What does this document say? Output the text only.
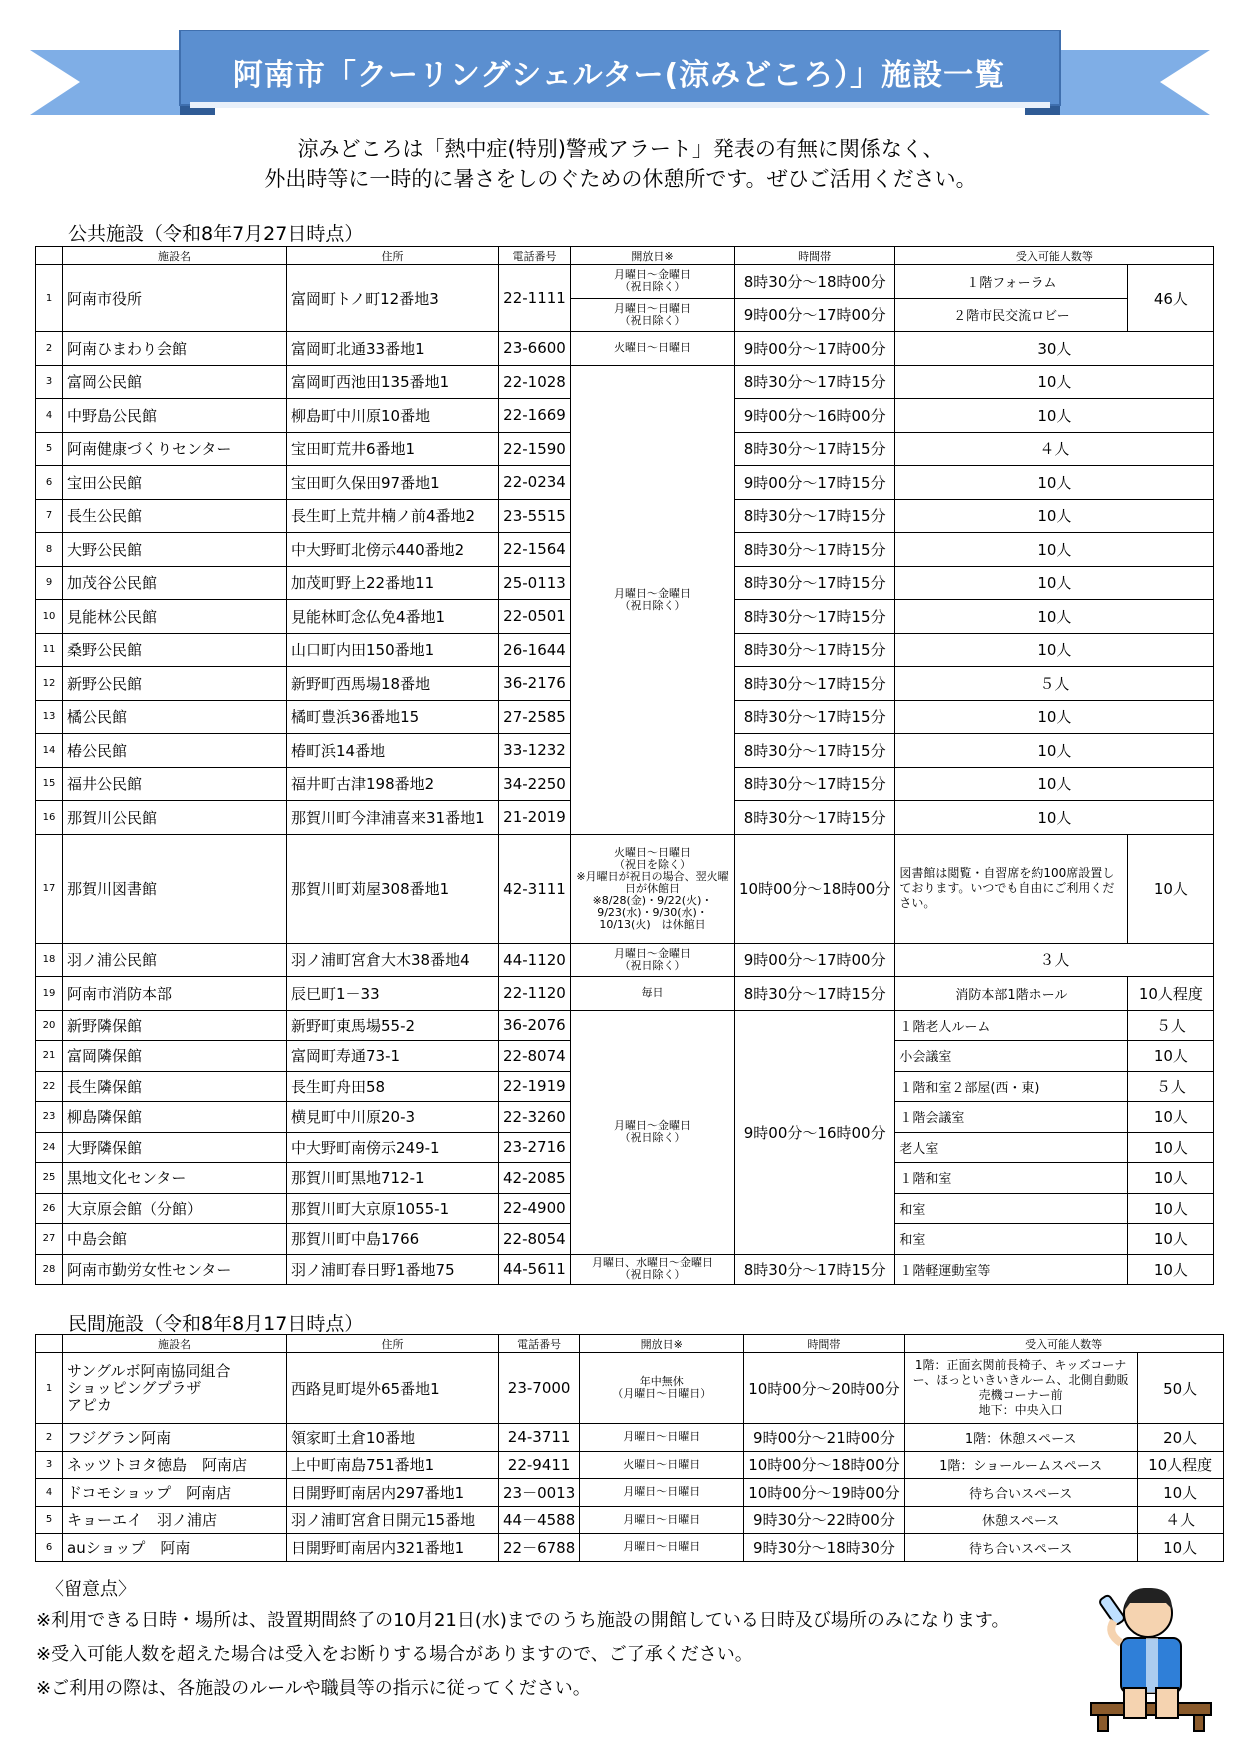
阿南市「クーリングシェルター(涼みどころ）」施設一覧
涼みどころは「熱中症(特別)警戒アラート」発表の有無に関係なく、
外出時等に一時的に暑さをしのぐための休憩所です。ぜひご活用ください。
公共施設（令和8年7月27日時点）
	施設名	住所	電話番号	開放日※	時間帯	受入可能人数等	
1	阿南市役所	富岡町トノ町12番地3	22-1111	月曜日～金曜日
（祝日除く）	8時30分～18時00分	１階フォーラム	46人
				月曜日～日曜日
（祝日除く）	9時00分～17時00分	２階市民交流ロビー	
2	阿南ひまわり会館	富岡町北通33番地1	23-6600	火曜日～日曜日	9時00分～17時00分	30人	
3	富岡公民館	富岡町西池田135番地1	22-1028	月曜日～金曜日
（祝日除く）	8時30分～17時15分	10人	
4	中野島公民館	柳島町中川原10番地	22-1669		9時00分～16時00分	10人	
5	阿南健康づくりセンター	宝田町荒井6番地1	22-1590		8時30分～17時15分	４人	
6	宝田公民館	宝田町久保田97番地1	22-0234		9時00分～17時15分	10人	
7	長生公民館	長生町上荒井楠ノ前4番地2	23-5515		8時30分～17時15分	10人	
8	大野公民館	中大野町北傍示440番地2	22-1564		8時30分～17時15分	10人	
9	加茂谷公民館	加茂町野上22番地11	25-0113		8時30分～17時15分	10人	
10	見能林公民館	見能林町念仏免4番地1	22-0501		8時30分～17時15分	10人	
11	桑野公民館	山口町内田150番地1	26-1644		8時30分～17時15分	10人	
12	新野公民館	新野町西馬場18番地	36-2176		8時30分～17時15分	５人	
13	橘公民館	橘町豊浜36番地15	27-2585		8時30分～17時15分	10人	
14	椿公民館	椿町浜14番地	33-1232		8時30分～17時15分	10人	
15	福井公民館	福井町古津198番地2	34-2250		8時30分～17時15分	10人	
16	那賀川公民館	那賀川町今津浦喜来31番地1	21-2019		8時30分～17時15分	10人	
17	那賀川図書館	那賀川町苅屋308番地1	42-3111	火曜日～日曜日
（祝日を除く）
※月曜日が祝日の場合、翌火曜日が休館日
※8/28(金)・9/22(火)・9/23(水)・9/30(水)・10/13(火)　は休館日	10時00分～18時00分	図書館は閲覧・自習席を約100席設置しております。いつでも自由にご利用ください。	10人
18	羽ノ浦公民館	羽ノ浦町宮倉大木38番地4	44-1120	月曜日～金曜日
（祝日除く）	9時00分～17時00分	３人	
19	阿南市消防本部	辰巳町1－33	22-1120	毎日	8時30分～17時15分	消防本部1階ホール	10人程度
20	新野隣保館	新野町東馬場55-2	36-2076	月曜日～金曜日
（祝日除く）	9時00分～16時00分	１階老人ルーム	５人
21	富岡隣保館	富岡町寿通73-1	22-8074			小会議室	10人
22	長生隣保館	長生町舟田58	22-1919			１階和室２部屋(西・東)	５人
23	柳島隣保館	横見町中川原20-3	22-3260			１階会議室	10人
24	大野隣保館	中大野町南傍示249-1	23-2716			老人室	10人
25	黒地文化センター	那賀川町黒地712-1	42-2085			１階和室	10人
26	大京原会館（分館）	那賀川町大京原1055-1	22-4900			和室	10人
27	中島会館	那賀川町中島1766	22-8054			和室	10人
28	阿南市勤労女性センター	羽ノ浦町春日野1番地75	44-5611	月曜日、水曜日～金曜日
（祝日除く）	8時30分～17時15分	１階軽運動室等	10人
民間施設（令和8年8月17日時点）
	施設名	住所	電話番号	開放日※	時間帯	受入可能人数等	
1	サングルボ阿南協同組合
ショッピングプラザ
アピカ	西路見町堤外65番地1	23-7000	年中無休
（月曜日～日曜日）	10時00分～20時00分	1階：正面玄関前長椅子、キッズコーナー、ほっといきいきルーム、北側自動販売機コーナー前
地下：中央入口	50人
2	フジグラン阿南	領家町土倉10番地	24-3711	月曜日～日曜日	9時00分～21時00分	1階：休憩スペース	20人
3	ネッツトヨタ徳島　阿南店	上中町南島751番地1	22-9411	火曜日～日曜日	10時00分～18時00分	1階：ショールームスペース	10人程度
4	ドコモショップ　阿南店	日開野町南居内297番地1	23－0013	月曜日～日曜日	10時00分～19時00分	待ち合いスペース	10人
5	キョーエイ　羽ノ浦店	羽ノ浦町宮倉日開元15番地	44－4588	月曜日～日曜日	9時30分～22時00分	休憩スペース	４人
6	auショップ　阿南	日開野町南居内321番地1	22－6788	月曜日～日曜日	9時30分～18時30分	待ち合いスペース	10人
〈留意点〉
※利用できる日時・場所は、設置期間終了の10月21日(水)までのうち施設の開館している日時及び場所のみになります。
※受入可能人数を超えた場合は受入をお断りする場合がありますので、ご了承ください。
※ご利用の際は、各施設のルールや職員等の指示に従ってください。
